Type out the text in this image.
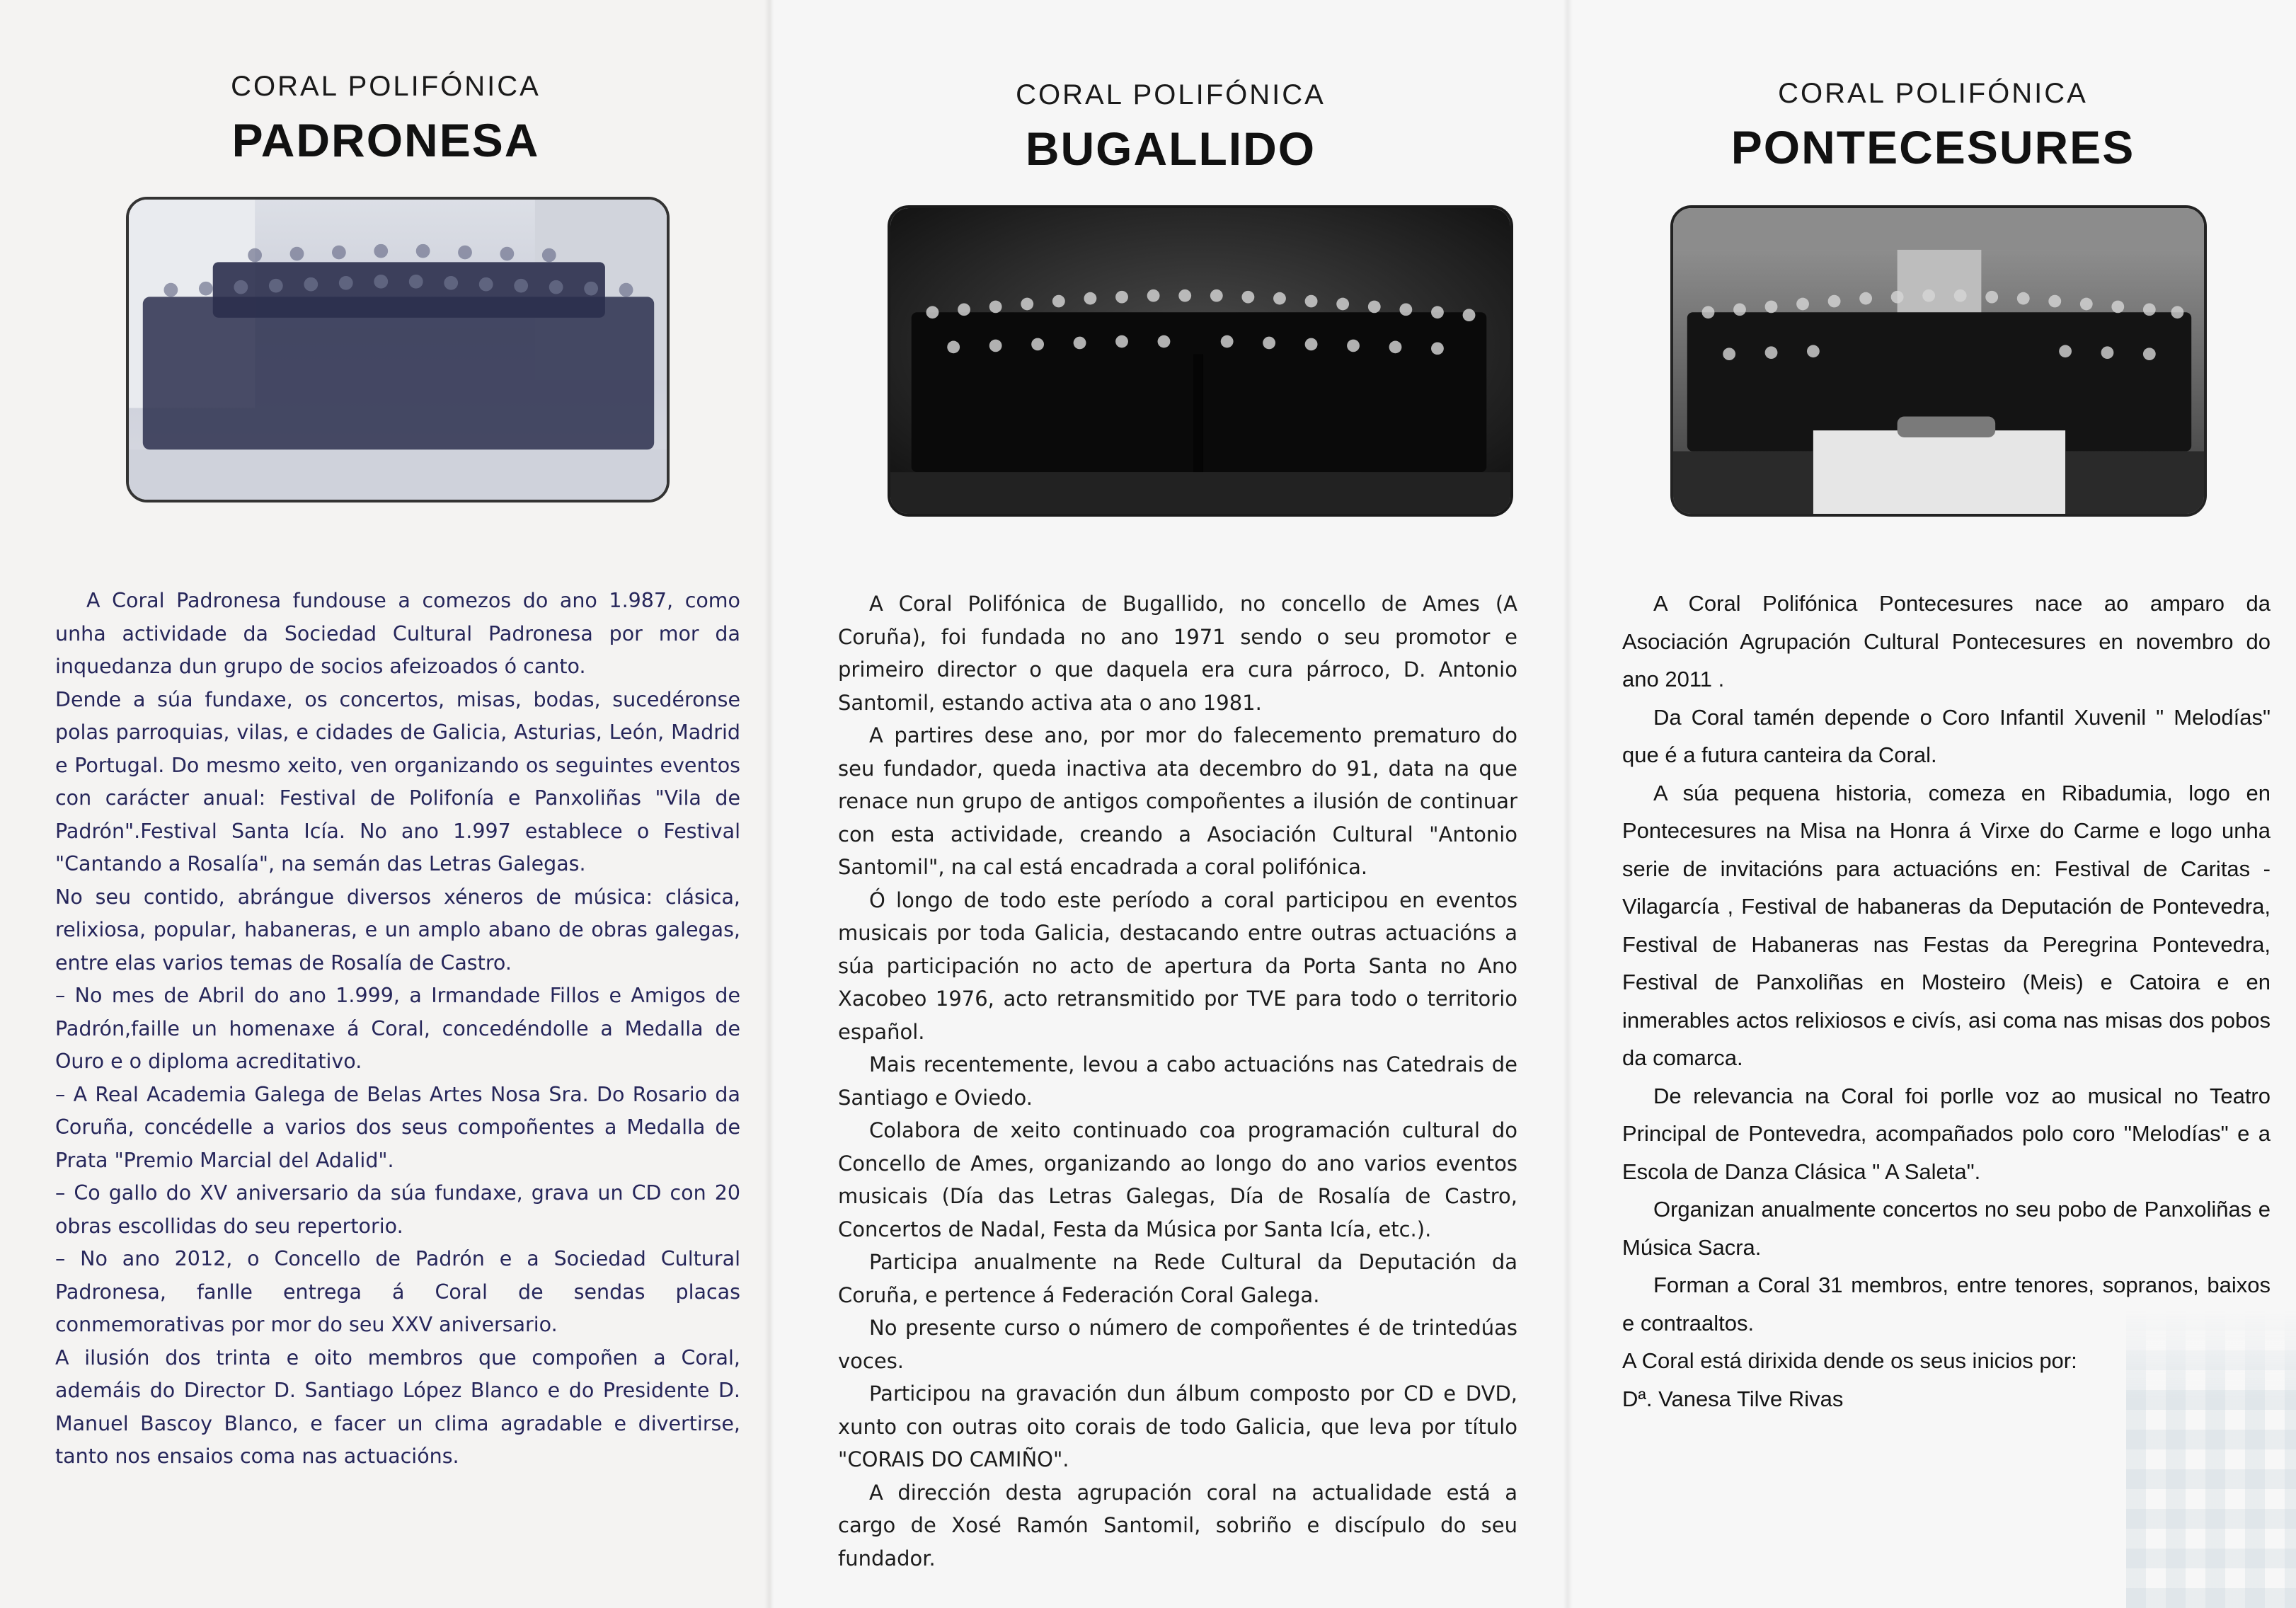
CORAL POLIFÓNICA
PADRONESA

A Coral Padronesa fundouse a comezos do ano 1.987, como unha actividade da Sociedad Cultural Padronesa por mor da inquedanza dun grupo de socios afeizoados ó canto.

Dende a súa fundaxe, os concertos, misas, bodas, sucedéronse polas parroquias, vilas, e cidades de Galicia, Asturias, León, Madrid e Portugal. Do mesmo xeito, ven organizando os seguintes eventos con carácter anual: Festival de Polifonía e Panxoliñas "Vila de Padrón".Festival Santa Icía. No ano 1.997 establece o Festival "Cantando a Rosalía", na semán das Letras Galegas.

No seu contido, abrángue diversos xéneros de música: clásica, relixiosa, popular, habaneras, e un amplo abano de obras galegas, entre elas varios temas de Rosalía de Castro.

– No mes de Abril do ano 1.999, a Irmandade Fillos e Amigos de Padrón,faille un homenaxe á Coral, concedéndolle a Medalla de Ouro e o diploma acreditativo.

– A Real Academia Galega de Belas Artes Nosa Sra. Do Rosario da Coruña, concédelle a varios dos seus compoñentes a Medalla de Prata "Premio Marcial del Adalid".

– Co gallo do XV aniversario da súa fundaxe, grava un CD con 20 obras escollidas do seu repertorio.

– No ano 2012, o Concello de Padrón e a Sociedad Cultural Padronesa, fanlle entrega á Coral de sendas placas conmemorativas por mor do seu XXV aniversario.

A ilusión dos trinta e oito membros que compoñen a Coral, ademáis do Director D. Santiago López Blanco e do Presidente D. Manuel Bascoy Blanco, e facer un clima agradable e divertirse, tanto nos ensaios coma nas actuacións.

CORAL POLIFÓNICA
BUGALLIDO

A Coral Polifónica de Bugallido, no concello de Ames (A Coruña), foi fundada no ano 1971 sendo o seu promotor e primeiro director o que daquela era cura párroco, D. Antonio Santomil, estando activa ata o ano 1981.

A partires dese ano, por mor do falecemento prematuro do seu fundador, queda inactiva ata decembro do 91, data na que renace nun grupo de antigos compoñentes a ilusión de continuar con esta actividade, creando a Asociación Cultural "Antonio Santomil", na cal está encadrada a coral polifónica.

Ó longo de todo este período a coral participou en eventos musicais por toda Galicia, destacando entre outras actuacións a súa participación no acto de apertura da Porta Santa no Ano Xacobeo 1976, acto retransmitido por TVE para todo o territorio español.

Mais recentemente, levou a cabo actuacións nas Catedrais de Santiago e Oviedo.

Colabora de xeito continuado coa programación cultural do Concello de Ames, organizando ao longo do ano varios eventos musicais (Día das Letras Galegas, Día de Rosalía de Castro, Concertos de Nadal, Festa da Música por Santa Icía, etc.).

Participa anualmente na Rede Cultural da Deputación da Coruña, e pertence á Federación Coral Galega.

No presente curso o número de compoñentes é de trintedúas voces.

Participou na gravación dun álbum composto por CD e DVD, xunto con outras oito corais de todo Galicia, que leva por título "CORAIS DO CAMIÑO".

A dirección desta agrupación coral na actualidade está a cargo de Xosé Ramón Santomil, sobriño e discípulo do seu fundador.

CORAL POLIFÓNICA
PONTECESURES

A Coral Polifónica Pontecesures nace ao amparo da Asociación Agrupación Cultural Pontecesures en novembro do ano 2011 .

Da Coral tamén depende o Coro Infantil Xuvenil " Melodías" que é a futura canteira da Coral.

A súa pequena historia, comeza en Ribadumia, logo en Pontecesures na Misa na Honra á Virxe do Carme e logo unha serie de invitacións para actuacións en: Festival de Caritas - Vilagarcía , Festival de habaneras da Deputación de Pontevedra, Festival de Habaneras nas Festas da Peregrina Pontevedra, Festival de Panxoliñas en Mosteiro (Meis) e Catoira e en inmerables actos relixiosos e civís, asi coma nas misas dos pobos da comarca.

De relevancia na Coral foi porlle voz ao musical no Teatro Principal de Pontevedra, acompañados polo coro "Melodías" e a Escola de Danza Clásica " A Saleta".

Organizan anualmente concertos no seu pobo de Panxoliñas e Música Sacra.

Forman a Coral 31 membros, entre tenores, sopranos, baixos e contraaltos.

A Coral está dirixida dende os seus inicios por:

Dª. Vanesa Tilve Rivas
